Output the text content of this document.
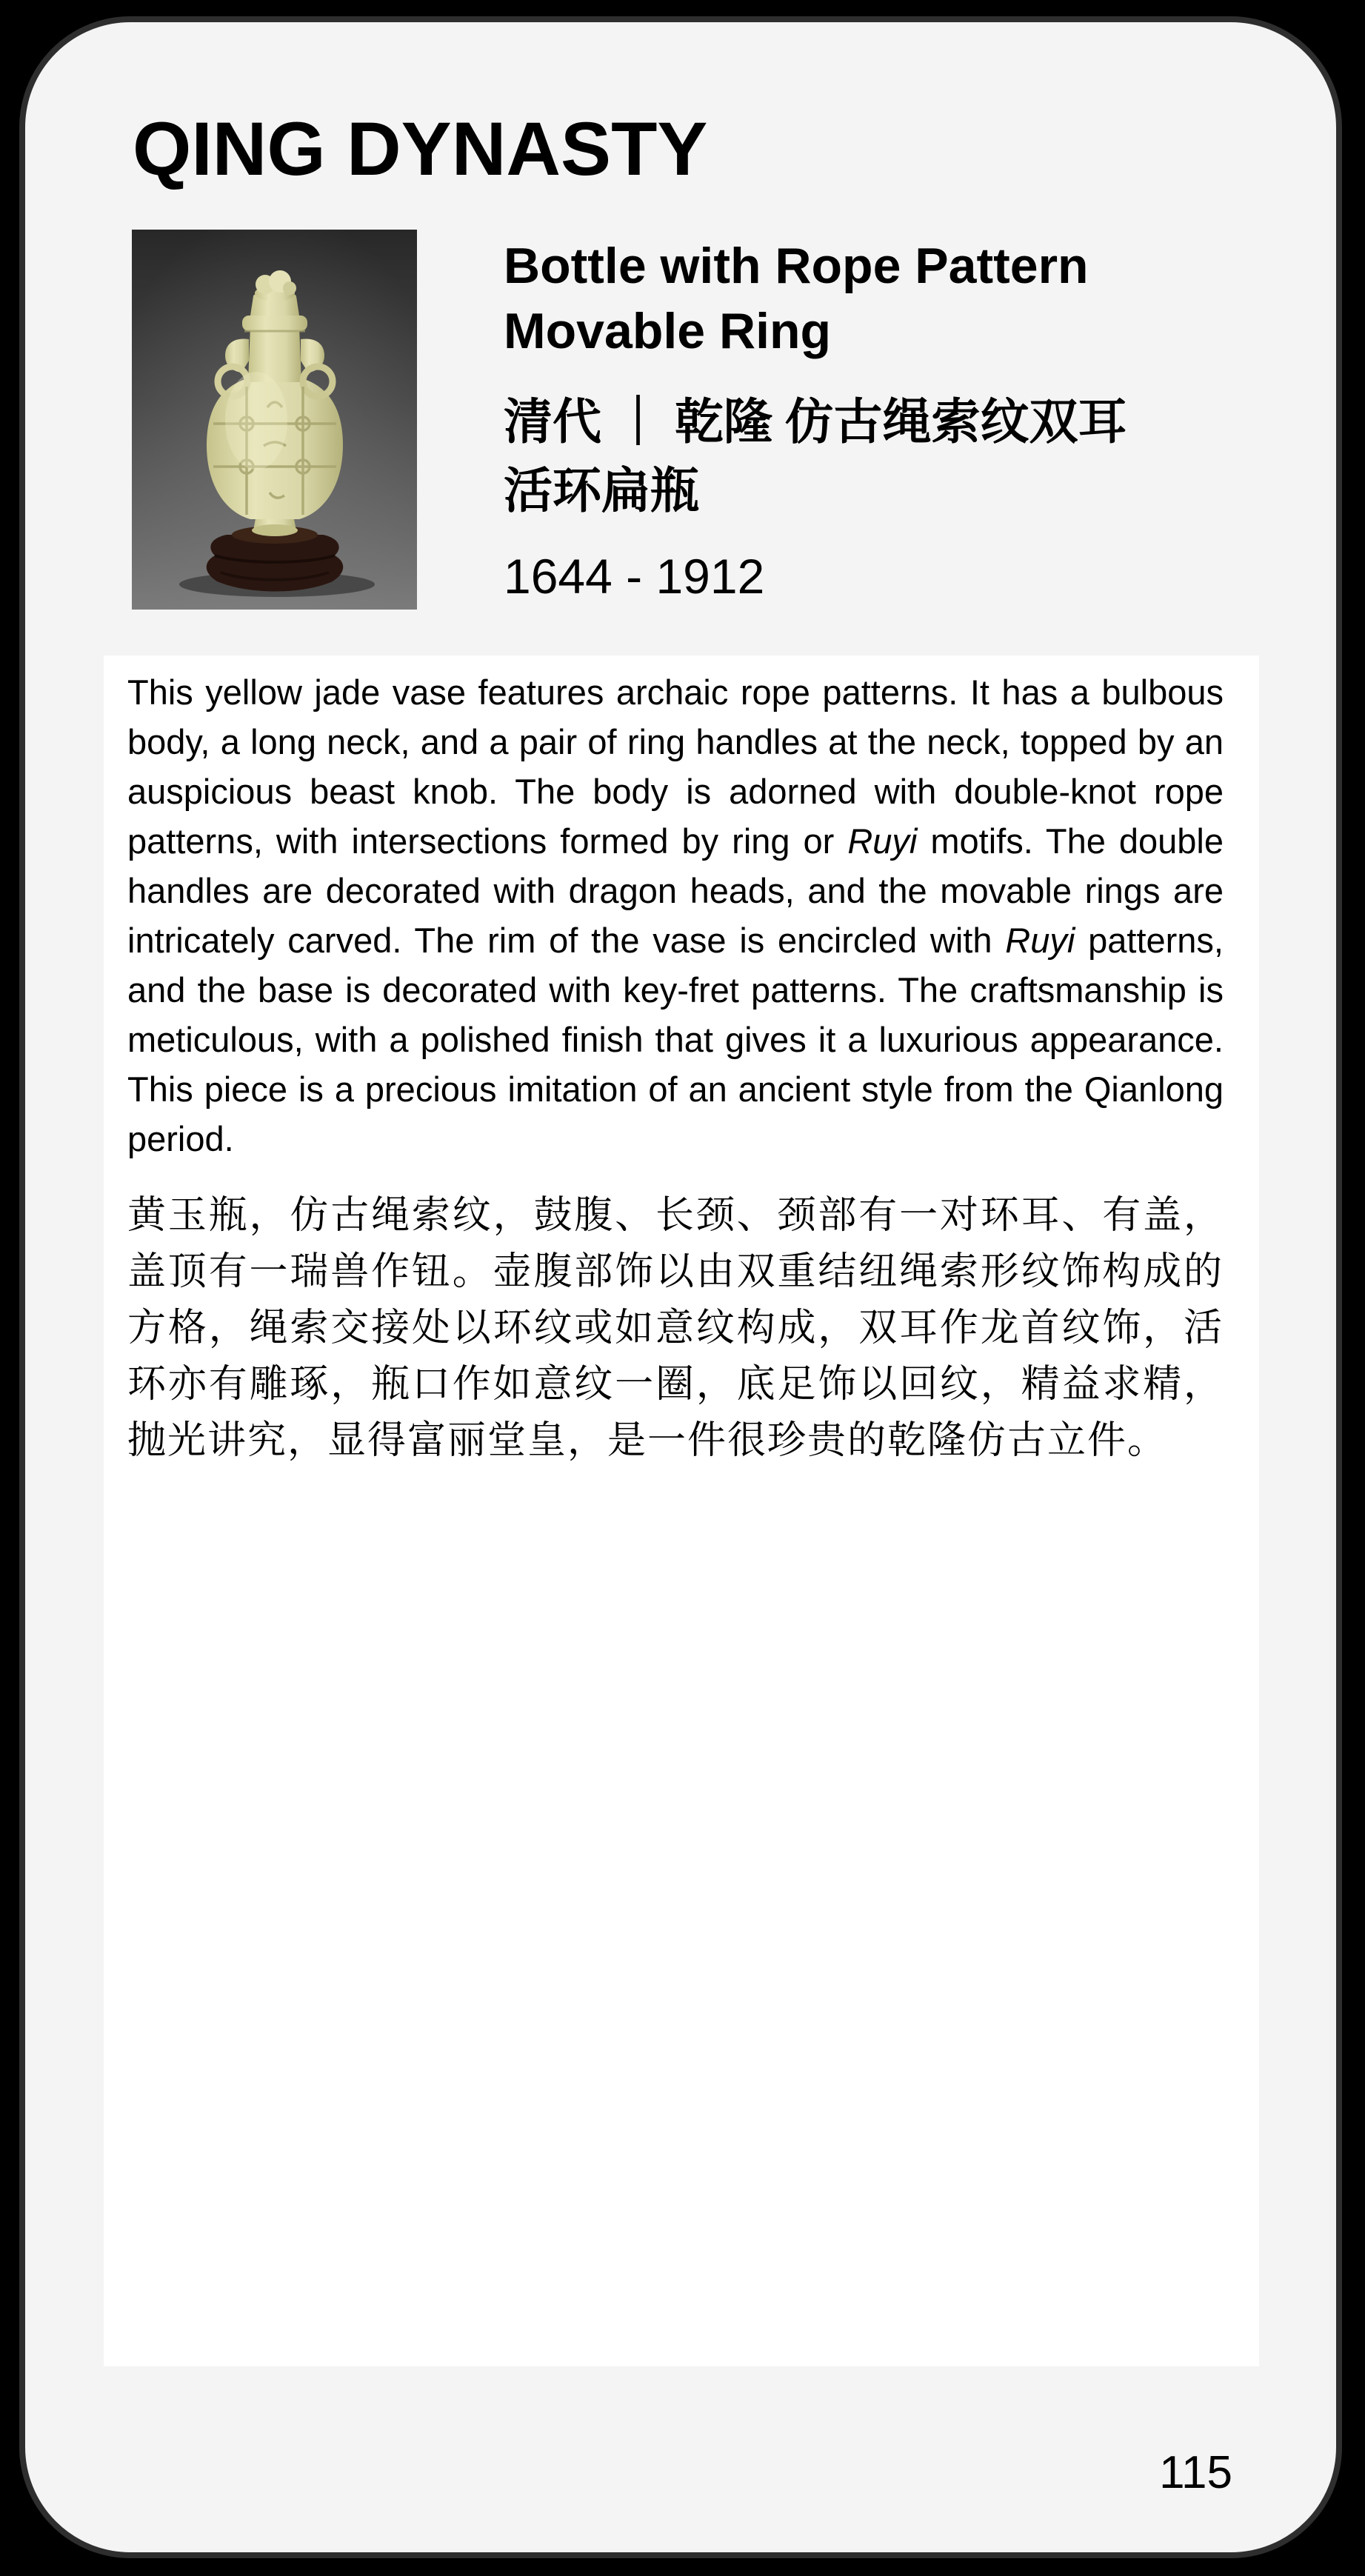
QING DYNASTY
Bottle with Rope Pattern Movable Ring
清代 ｜ 乾隆 仿古绳索纹双耳活环扁瓶
1644 - 1912

This yellow jade vase features archaic rope patterns. It has a bulbous body, a long neck, and a pair of ring handles at the neck, topped by an auspicious beast knob. The body is adorned with double-knot rope patterns, with intersections formed by ring or Ruyi motifs. The double handles are decorated with dragon heads, and the movable rings are intricately carved. The rim of the vase is encircled with Ruyi patterns, and the base is decorated with key-fret patterns. The craftsmanship is meticulous, with a polished finish that gives it a luxurious appearance. This piece is a precious imitation of an ancient style from the Qianlong period.

黄玉瓶，仿古绳索纹，鼓腹、长颈、颈部有一对环耳、有盖，盖顶有一瑞兽作钮。壶腹部饰以由双重结纽绳索形纹饰构成的方格，绳索交接处以环纹或如意纹构成，双耳作龙首纹饰，活环亦有雕琢，瓶口作如意纹一圈，底足饰以回纹，精益求精，抛光讲究，显得富丽堂皇，是一件很珍贵的乾隆仿古立件。

115
